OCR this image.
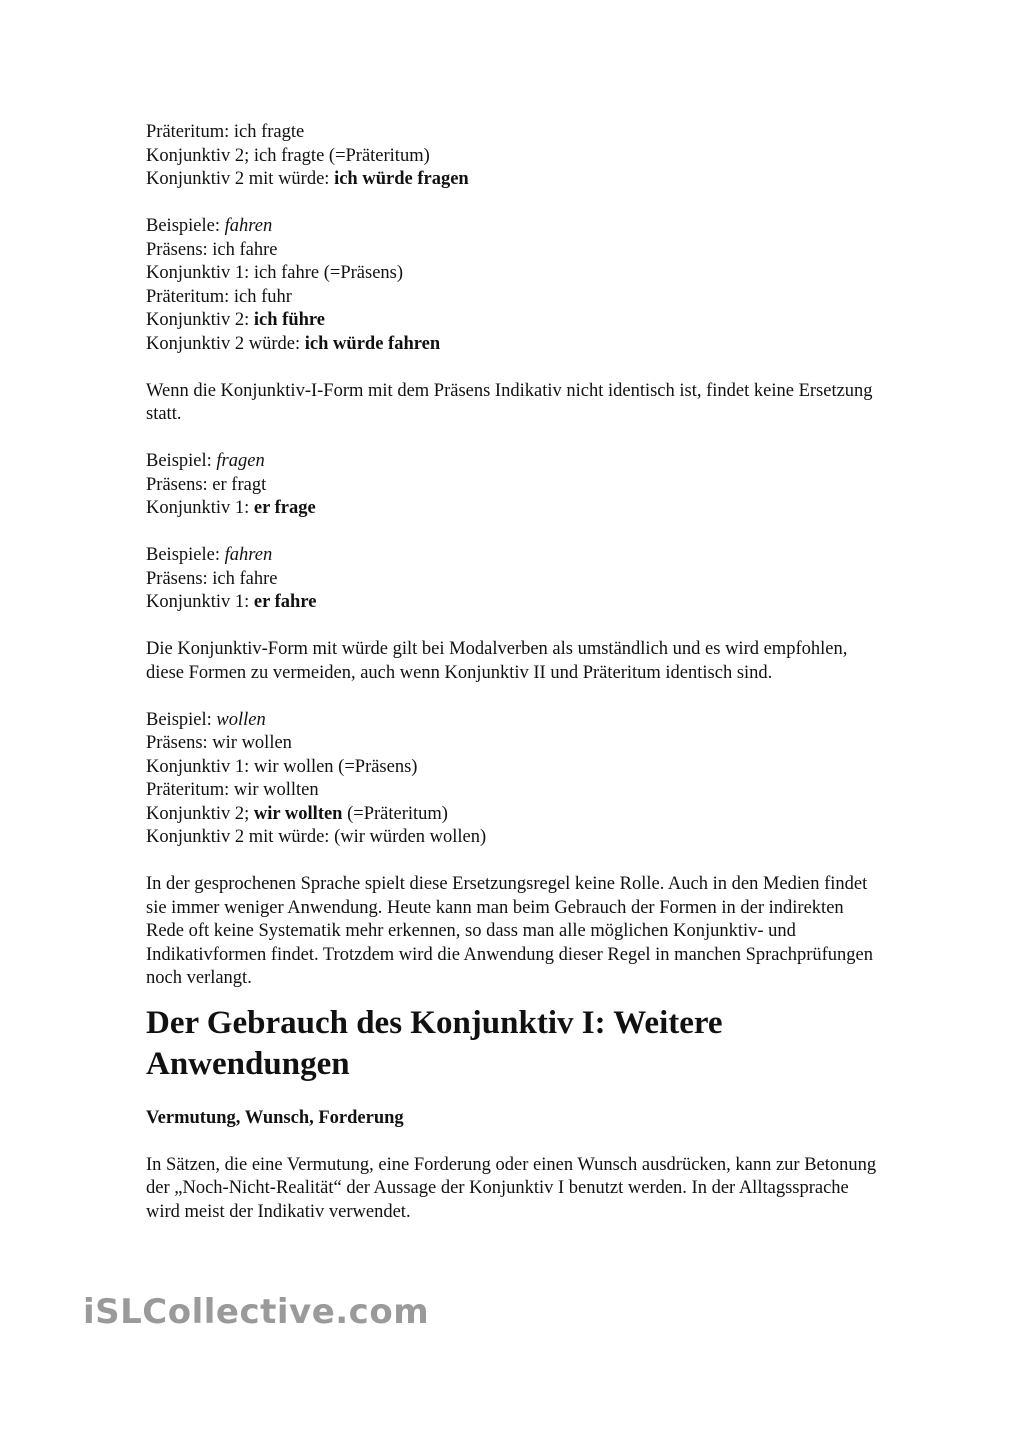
Präteritum: ich fragte
Konjunktiv 2; ich fragte (=Präteritum)
Konjunktiv 2 mit würde: ich würde fragen
Beispiele: fahren
Präsens: ich fahre
Konjunktiv 1: ich fahre (=Präsens)
Präteritum: ich fuhr
Konjunktiv 2: ich führe
Konjunktiv 2 würde: ich würde fahren
Wenn die Konjunktiv-I-Form mit dem Präsens Indikativ nicht identisch ist, findet keine Ersetzung statt.
Beispiel: fragen
Präsens: er fragt
Konjunktiv 1: er frage
Beispiele: fahren
Präsens: ich fahre
Konjunktiv 1: er fahre
Die Konjunktiv-Form mit würde gilt bei Modalverben als umständlich und es wird empfohlen, diese Formen zu vermeiden, auch wenn Konjunktiv II und Präteritum identisch sind.
Beispiel: wollen
Präsens: wir wollen
Konjunktiv 1: wir wollen (=Präsens)
Präteritum: wir wollten
Konjunktiv 2; wir wollten (=Präteritum)
Konjunktiv 2 mit würde: (wir würden wollen)
In der gesprochenen Sprache spielt diese Ersetzungsregel keine Rolle. Auch in den Medien findet sie immer weniger Anwendung. Heute kann man beim Gebrauch der Formen in der indirekten Rede oft keine Systematik mehr erkennen, so dass man alle möglichen Konjunktiv- und Indikativformen findet. Trotzdem wird die Anwendung dieser Regel in manchen Sprachprüfungen noch verlangt.
Der Gebrauch des Konjunktiv I: Weitere Anwendungen
Vermutung, Wunsch, Forderung
In Sätzen, die eine Vermutung, eine Forderung oder einen Wunsch ausdrücken, kann zur Betonung der „Noch-Nicht-Realität“ der Aussage der Konjunktiv I benutzt werden. In der Alltagssprache wird meist der Indikativ verwendet.
iSLCollective.com
